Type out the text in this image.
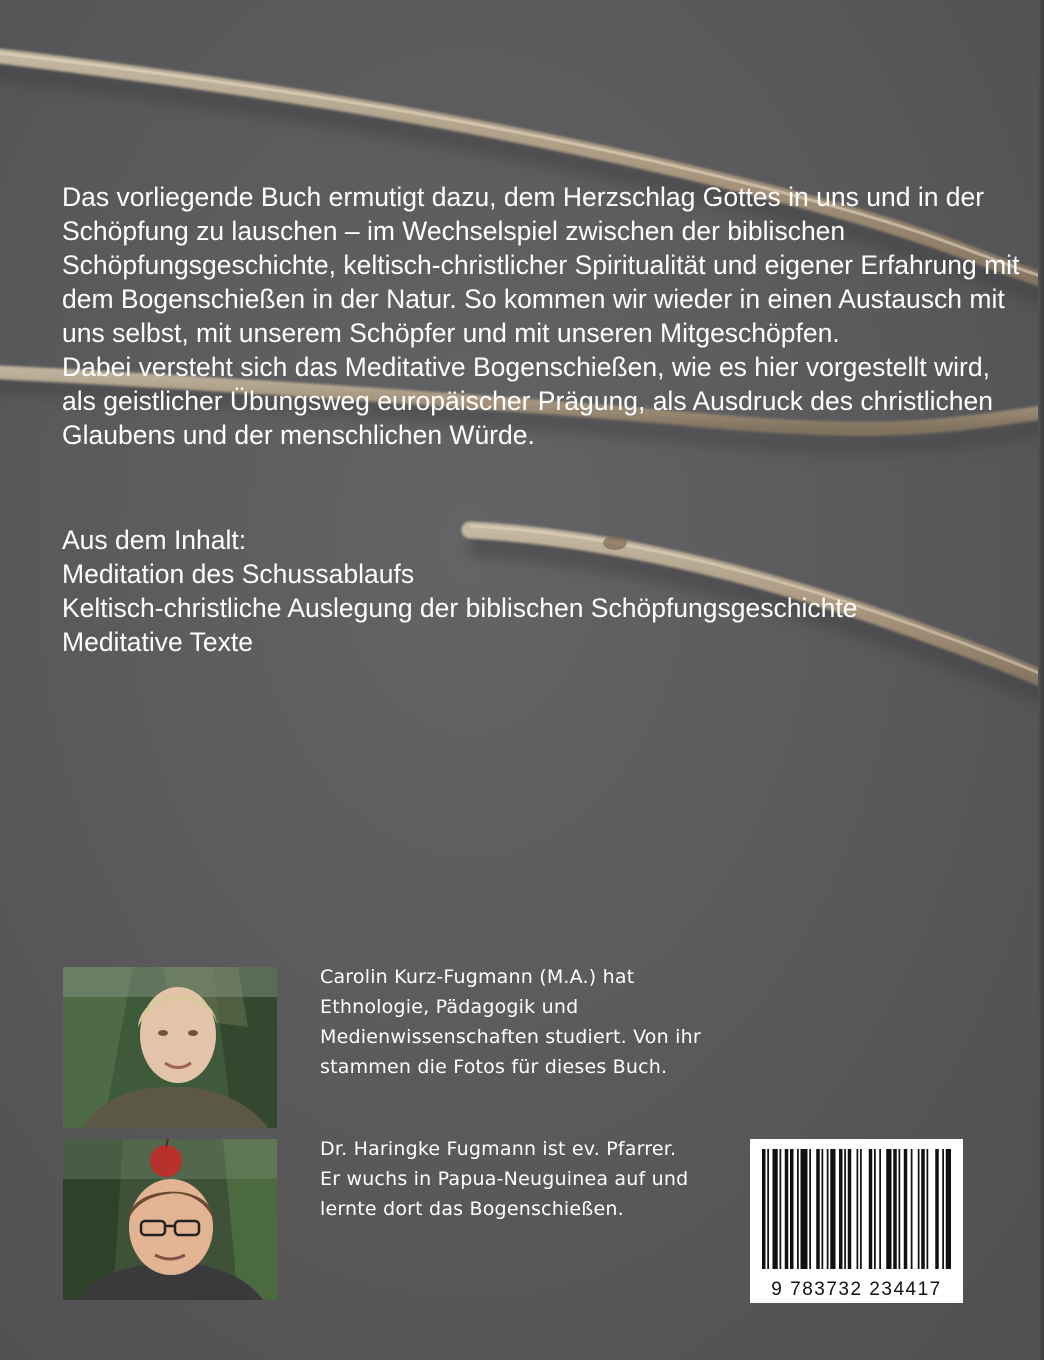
Das vorliegende Buch ermutigt dazu, dem Herzschlag Gottes in uns und in der Schöpfung zu lauschen – im Wechselspiel zwischen der biblischen Schöpfungsgeschichte, keltisch-christlicher Spiritualität und eigener Erfahrung mit dem Bogenschießen in der Natur. So kommen wir wieder in einen Austausch mit uns selbst, mit unserem Schöpfer und mit unseren Mitgeschöpfen.

Dabei versteht sich das Meditative Bogenschießen, wie es hier vorgestellt wird, als geistlicher Übungsweg europäischer Prägung, als Ausdruck des christlichen Glaubens und der menschlichen Würde.

Aus dem Inhalt:
Meditation des Schussablaufs
Keltisch-christliche Auslegung der biblischen Schöpfungsgeschichte
Meditative Texte
Carolin Kurz-Fugmann (M.A.) hat
Ethnologie, Pädagogik und
Medienwissenschaften studiert. Von ihr
stammen die Fotos für dieses Buch.
Dr. Haringke Fugmann ist ev. Pfarrer.
Er wuchs in Papua-Neuguinea auf und
lernte dort das Bogenschießen.
9 783732 234417
